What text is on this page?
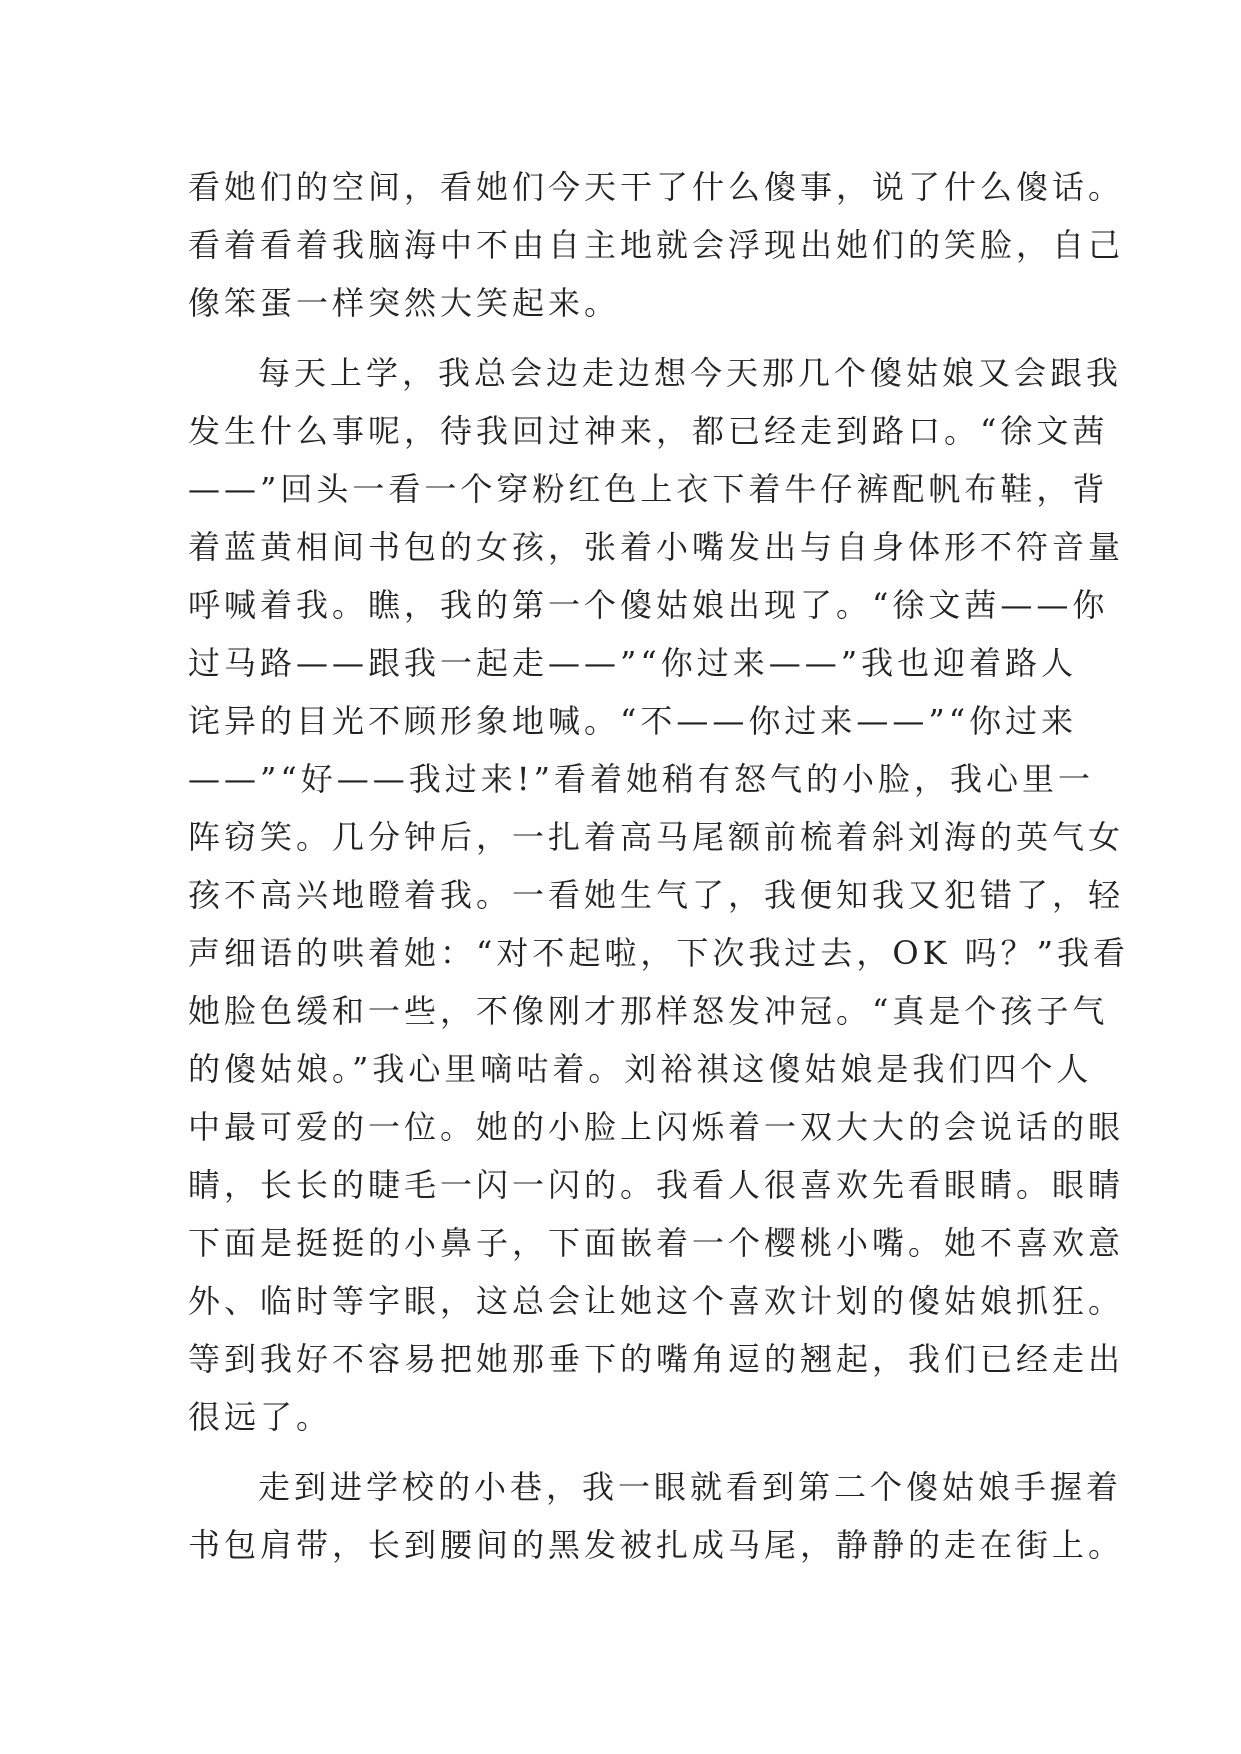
看她们的空间，看她们今天干了什么傻事，说了什么傻话。
看着看着我脑海中不由自主地就会浮现出她们的笑脸，自己
像笨蛋一样突然大笑起来。
每天上学，我总会边走边想今天那几个傻姑娘又会跟我
发生什么事呢，待我回过神来，都已经走到路口。“徐文茜
——”回头一看一个穿粉红色上衣下着牛仔裤配帆布鞋，背
着蓝黄相间书包的女孩，张着小嘴发出与自身体形不符音量
呼喊着我。瞧，我的第一个傻姑娘出现了。“徐文茜——你
过马路——跟我一起走——”“你过来——”我也迎着路人
诧异的目光不顾形象地喊。“不——你过来——”“你过来
——”“好——我过来!”看着她稍有怒气的小脸，我心里一
阵窃笑。几分钟后，一扎着高马尾额前梳着斜刘海的英气女
孩不高兴地瞪着我。一看她生气了，我便知我又犯错了，轻
声细语的哄着她：“对不起啦，下次我过去，OK 吗？”我看
她脸色缓和一些，不像刚才那样怒发冲冠。“真是个孩子气
的傻姑娘。”我心里嘀咕着。刘裕祺这傻姑娘是我们四个人
中最可爱的一位。她的小脸上闪烁着一双大大的会说话的眼
睛，长长的睫毛一闪一闪的。我看人很喜欢先看眼睛。眼睛
下面是挺挺的小鼻子，下面嵌着一个樱桃小嘴。她不喜欢意
外、临时等字眼，这总会让她这个喜欢计划的傻姑娘抓狂。
等到我好不容易把她那垂下的嘴角逗的翘起，我们已经走出
很远了。
走到进学校的小巷，我一眼就看到第二个傻姑娘手握着
书包肩带，长到腰间的黑发被扎成马尾，静静的走在街上。
